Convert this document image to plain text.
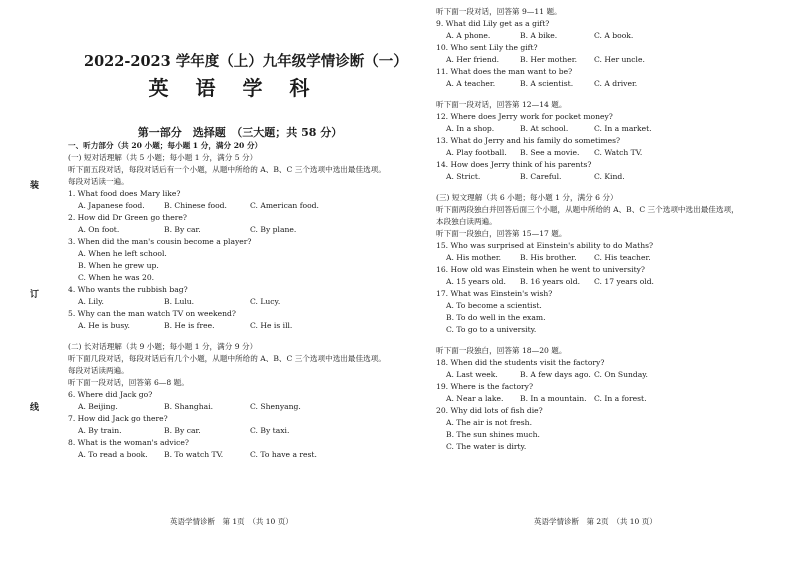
装
订
线
2022-2023 学年度（上）九年级学情诊断（一）
英 语 学 科
第一部分　选择题　（三大题；共 58 分）
一、听力部分（共 20 小题；每小题 1 分，满分 20 分）
(一) 短对话理解（共 5 小题；每小题 1 分，满分 5 分）
听下面五段对话，每段对话后有一个小题，从题中所给的 A、B、C 三个选项中选出最佳选项。
每段对话读一遍。
1. What food does Mary like?
A. Japanese food.	B. Chinese food.	C. American food.
2. How did Dr Green go there?
A. On foot.	B. By car.	C. By plane.
3. When did the man's cousin become a player?
A. When he left school.
B. When he grew up.
C. When he was 20.
4. Who wants the rubbish bag?
A. Lily.	B. Lulu.	C. Lucy.
5. Why can the man watch TV on weekend?
A. He is busy.	B. He is free.	C. He is ill.
(二) 长对话理解（共 9 小题；每小题 1 分，满分 9 分）
听下面几段对话，每段对话后有几个小题，从题中所给的 A、B、C 三个选项中选出最佳选项。
每段对话读两遍。
听下面一段对话，回答第 6—8 题。
6. Where did Jack go?
A. Beijing.	B. Shanghai.	C. Shenyang.
7. How did Jack go there?
A. By train.	B. By car.	C. By taxi.
8. What is the woman's advice?
A. To read a book.	B. To watch TV.	C. To have a rest.
英语学情诊断　第 1页　（共 10 页）
听下面一段对话，回答第 9—11 题。
9. What did Lily get as a gift?
A. A phone.	B. A bike.	C. A book.
10. Who sent Lily the gift?
A. Her friend.	B. Her mother.	C. Her uncle.
11. What does the man want to be?
A. A teacher.	B. A scientist.	C. A driver.
听下面一段对话，回答第 12—14 题。
12. Where does Jerry work for pocket money?
A. In a shop.	B. At school.	C. In a market.
13. What do Jerry and his family do sometimes?
A. Play football.	B. See a movie.	C. Watch TV.
14. How does Jerry think of his parents?
A. Strict.	B. Careful.	C. Kind.
(三) 短文理解（共 6 小题；每小题 1 分，满分 6 分）
听下面两段独白并回答后面三个小题，从题中所给的 A、B、C 三个选项中选出最佳选项，
本段独白读两遍。
听下面一段独白，回答第 15—17 题。
15. Who was surprised at Einstein's ability to do Maths?
A. His mother.	B. His brother.	C. His teacher.
16. How old was Einstein when he went to university?
A. 15 years old.	B. 16 years old.	C. 17 years old.
17. What was Einstein's wish?
A. To become a scientist.
B. To do well in the exam.
C. To go to a university.
听下面一段独白，回答第 18—20 题。
18. When did the students visit the factory?
A. Last week.	B. A few days ago. C. On Sunday.
19. Where is the factory?
A. Near a lake.	B. In a mountain. C. In a forest.
20. Why did lots of fish die?
A. The air is not fresh.
B. The sun shines much.
C. The water is dirty.
英语学情诊断　第 2页　（共 10 页）
